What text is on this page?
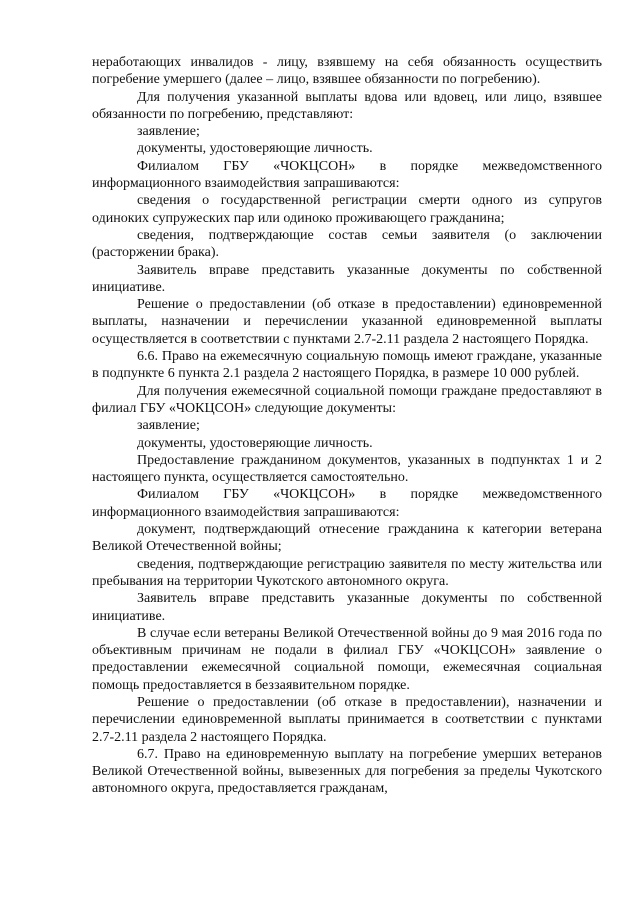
неработающих инвалидов - лицу, взявшему на себя обязанность осуществить погребение умершего (далее – лицо, взявшее обязанности по погребению).

Для получения указанной выплаты вдова или вдовец, или лицо, взявшее обязанности по погребению, представляют:

заявление;

документы, удостоверяющие личность.

Филиалом ГБУ «ЧОКЦСОН» в порядке межведомственного информационного взаимодействия запрашиваются:

сведения о государственной регистрации смерти одного из супругов одиноких супружеских пар или одиноко проживающего гражданина;

сведения, подтверждающие состав семьи заявителя (о заключении (расторжении брака).

Заявитель вправе представить указанные документы по собственной инициативе.

Решение о предоставлении (об отказе в предоставлении) единовременной выплаты, назначении и перечислении указанной единовременной выплаты осуществляется в соответствии с пунктами 2.7-2.11 раздела 2 настоящего Порядка.

6.6. Право на ежемесячную социальную помощь имеют граждане, указанные в подпункте 6 пункта 2.1 раздела 2 настоящего Порядка, в размере 10 000 рублей.

Для получения ежемесячной социальной помощи граждане предоставляют в филиал ГБУ «ЧОКЦСОН» следующие документы:

заявление;

документы, удостоверяющие личность.

Предоставление гражданином документов, указанных в подпунктах 1 и 2 настоящего пункта, осуществляется самостоятельно.

Филиалом ГБУ «ЧОКЦСОН» в порядке межведомственного информационного взаимодействия запрашиваются:

документ, подтверждающий отнесение гражданина к категории ветерана Великой Отечественной войны;

сведения, подтверждающие регистрацию заявителя по месту жительства или пребывания на территории Чукотского автономного округа.

Заявитель вправе представить указанные документы по собственной инициативе.

В случае если ветераны Великой Отечественной войны до 9 мая 2016 года по объективным причинам не подали в филиал ГБУ «ЧОКЦСОН» заявление о предоставлении ежемесячной социальной помощи, ежемесячная социальная помощь предоставляется в беззаявительном порядке.

Решение о предоставлении (об отказе в предоставлении), назначении и перечислении единовременной выплаты принимается в соответствии с пунктами 2.7-2.11 раздела 2 настоящего Порядка.

6.7. Право на единовременную выплату на погребение умерших ветеранов Великой Отечественной войны, вывезенных для погребения за пределы Чукотского автономного округа, предоставляется гражданам,
